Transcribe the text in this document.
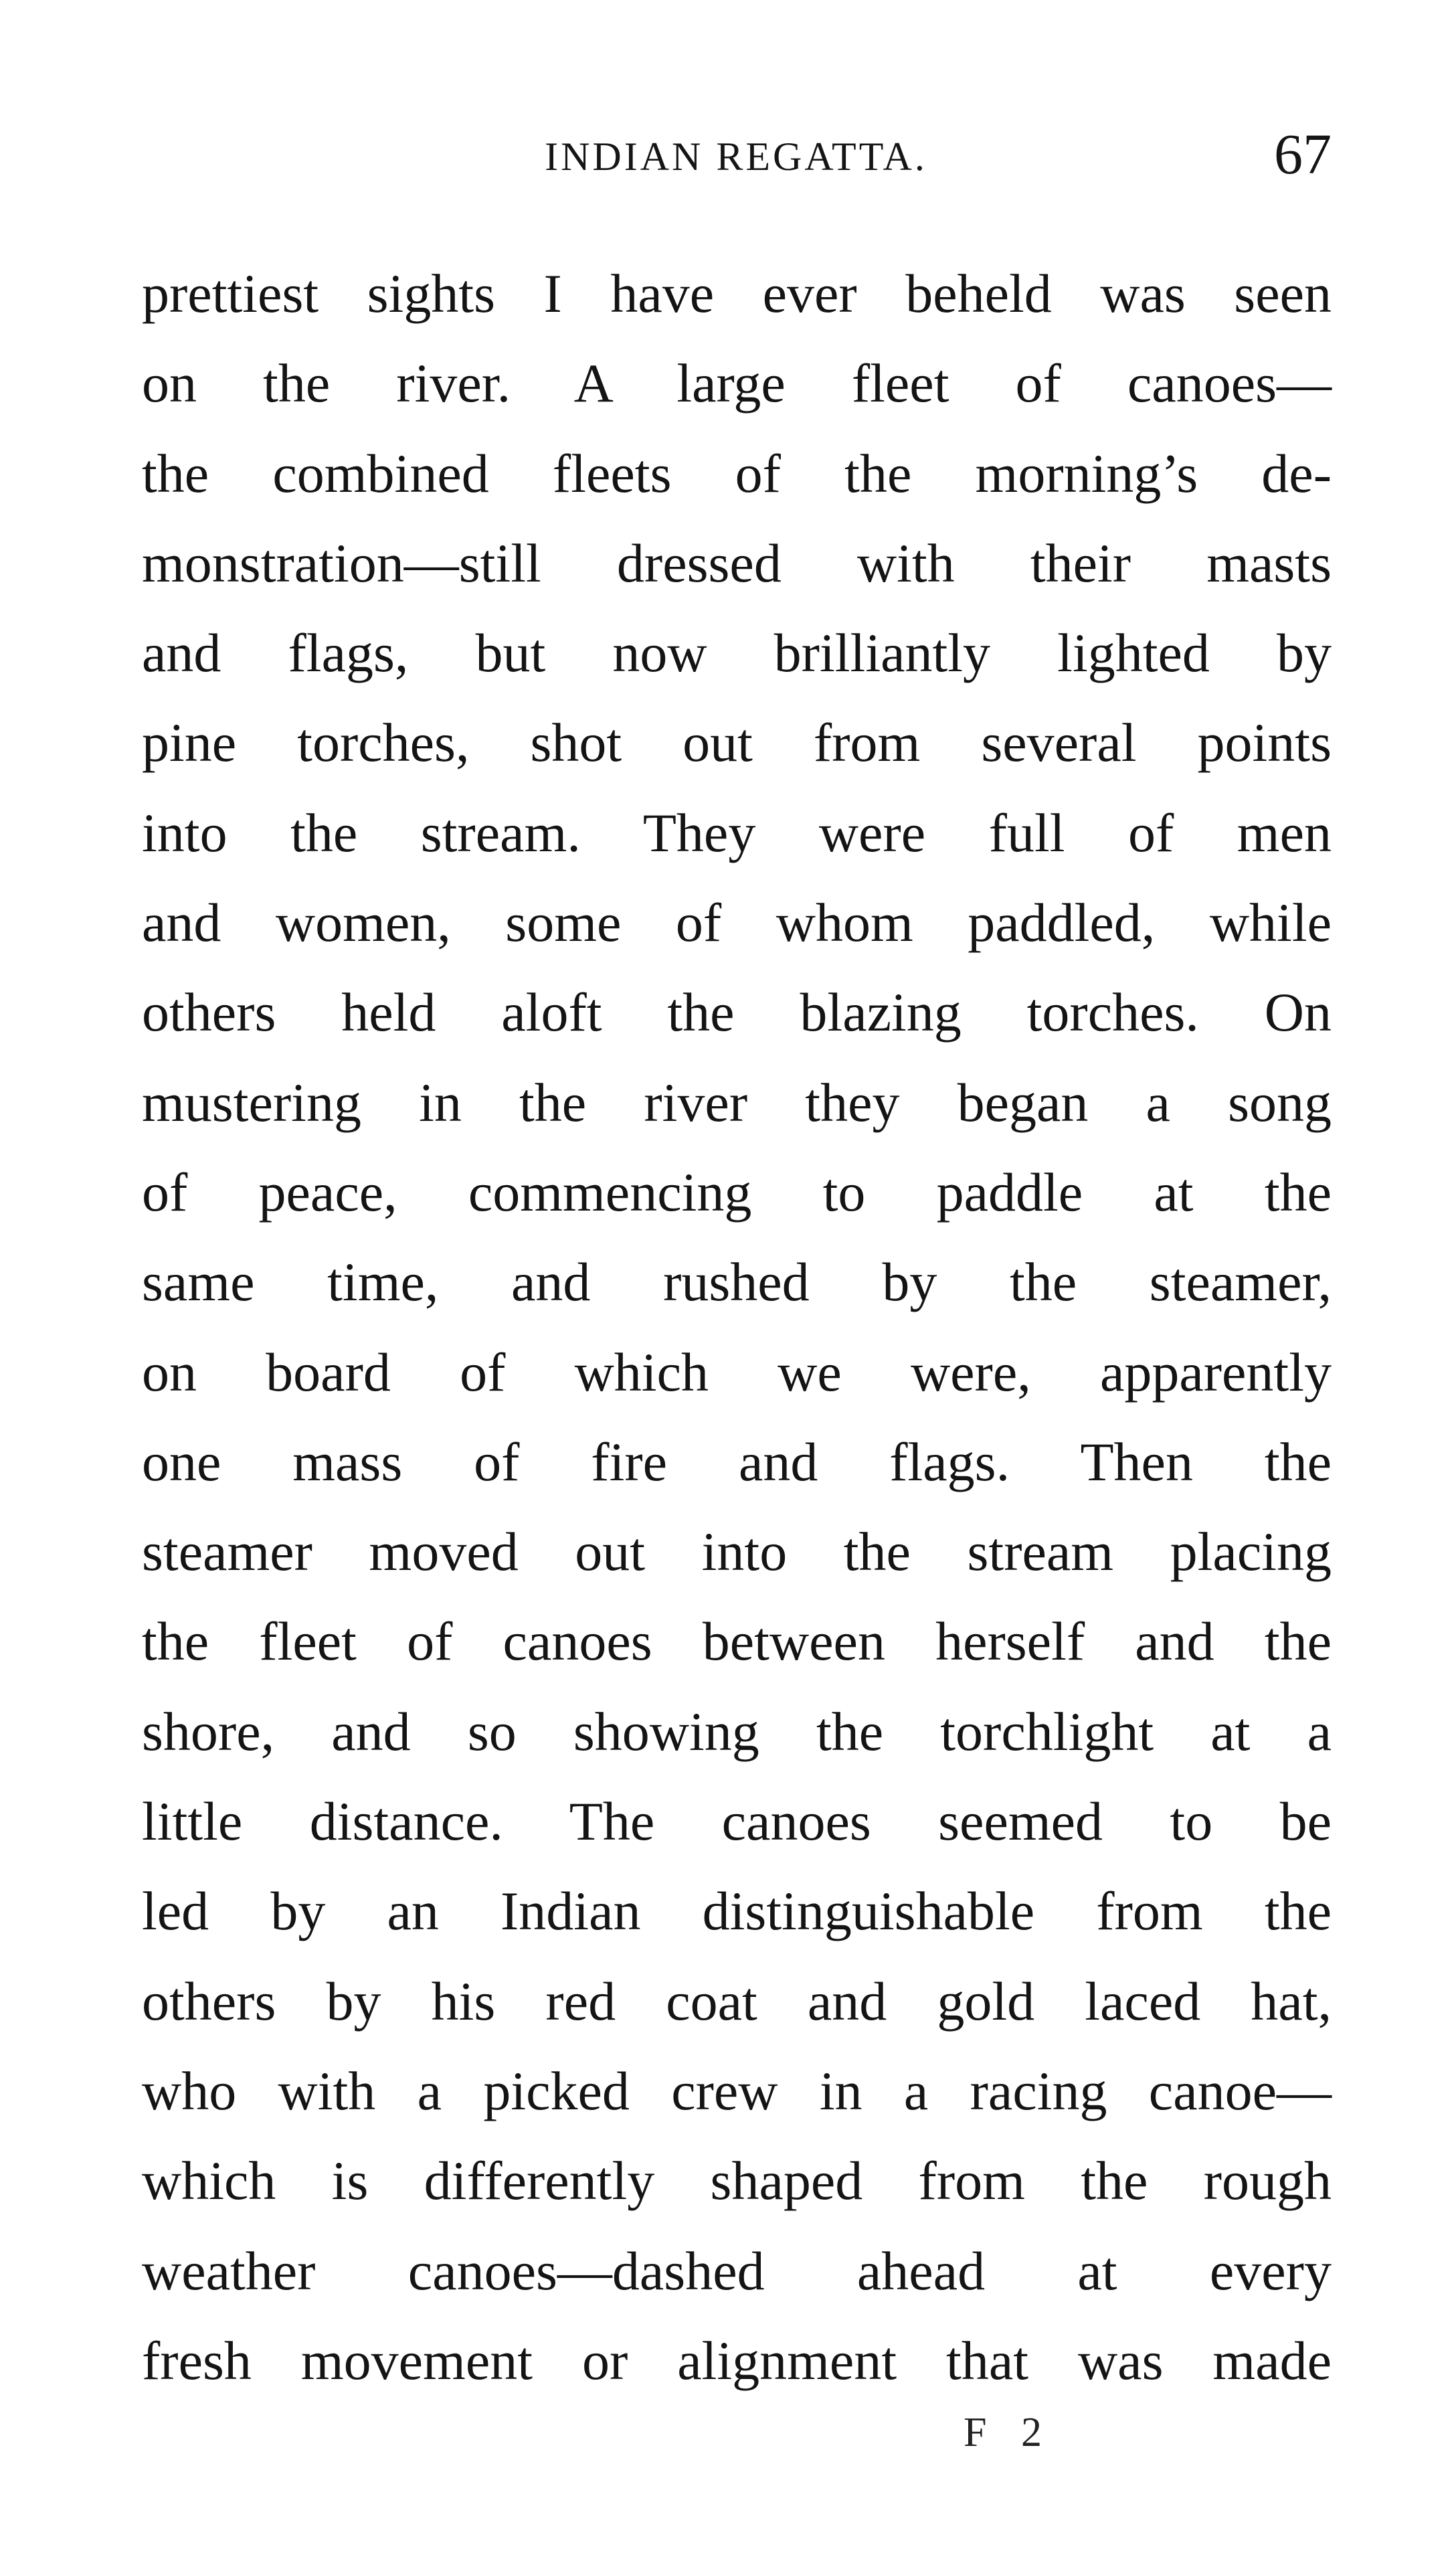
INDIAN REGATTA.	67
prettiest sights I have ever beheld was seen
on the river. A large fleet of canoes—
the combined fleets of the morning’s de-
monstration—still dressed with their masts
and flags, but now brilliantly lighted by
pine torches, shot out from several points
into the stream. They were full of men
and women, some of whom paddled, while
others held aloft the blazing torches. On
mustering in the river they began a song
of peace, commencing to paddle at the
same time, and rushed by the steamer,
on board of which we were, apparently
one mass of fire and flags. Then the
steamer moved out into the stream placing
the fleet of canoes between herself and the
shore, and so showing the torchlight at a
little distance. The canoes seemed to be
led by an Indian distinguishable from the
others by his red coat and gold laced hat,
who with a picked crew in a racing canoe—
which is differently shaped from the rough
weather canoes—dashed ahead at every
fresh movement or alignment that was made
F 2
